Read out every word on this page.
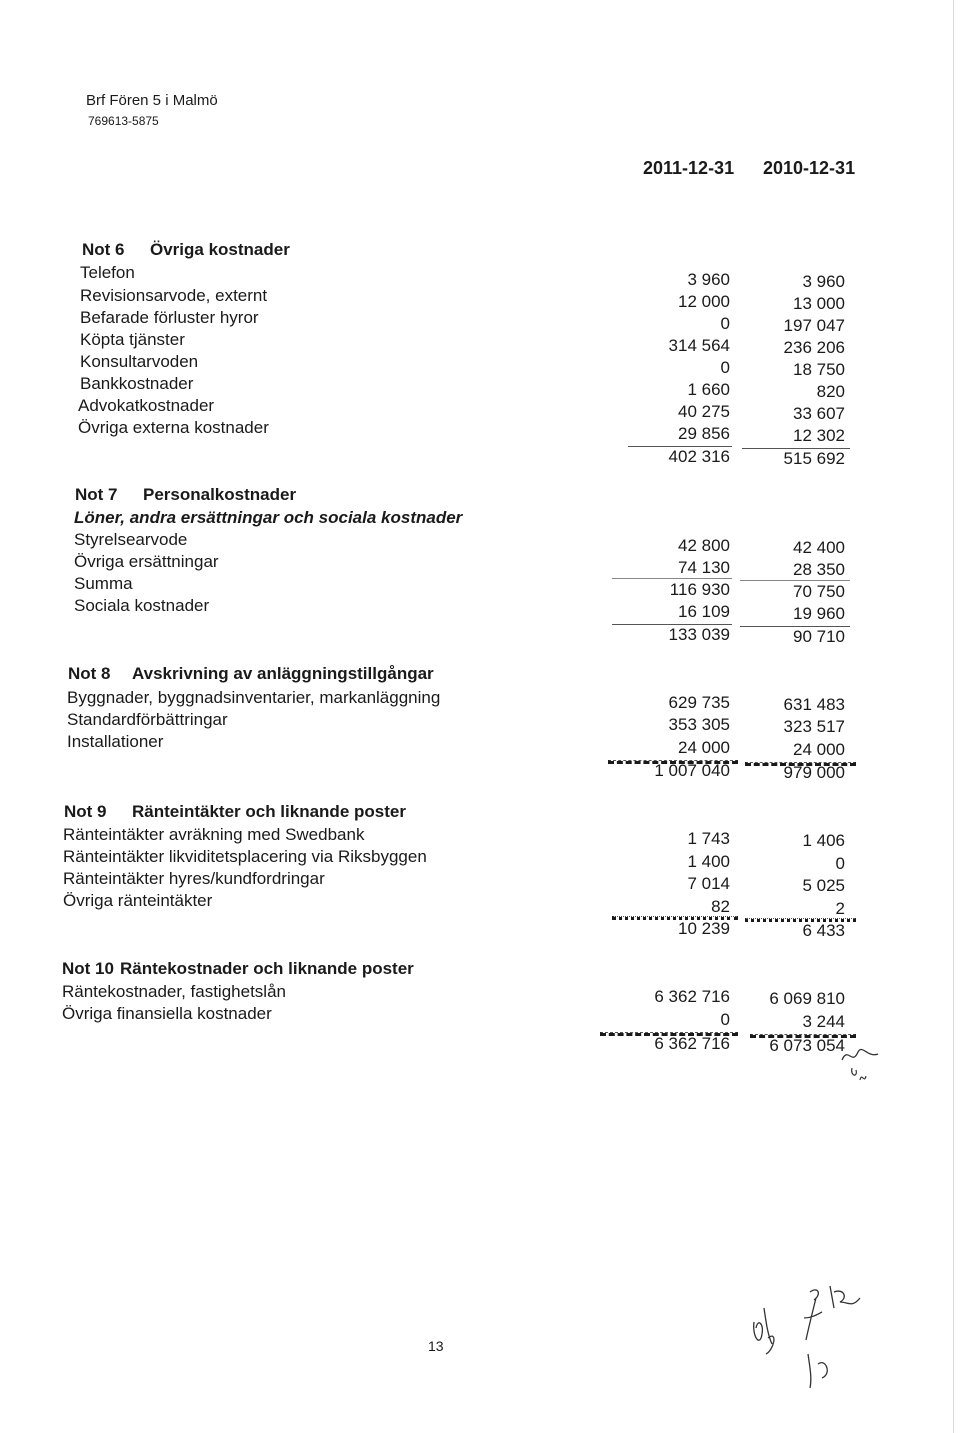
Brf Fören 5 i Malmö
769613-5875
2011-12-31 2010-12-31
Not 6 Övriga kostnader
Telefon
Revisionsarvode, externt
Befarade förluster hyror
Köpta tjänster
Konsultarvoden
Bankkostnader
Advokatkostnader
Övriga externa kostnader
3 960
12 000
0
314 564
0
1 660
40 275
29 856
402 316
3 960
13 000
197 047
236 206
18 750
820
33 607
12 302
515 692
Not 7 Personalkostnader
Löner, andra ersättningar och sociala kostnader
Styrelsearvode
Övriga ersättningar
Summa
Sociala kostnader
42 800
74 130
116 930
16 109
133 039
42 400
28 350
70 750
19 960
90 710
Not 8 Avskrivning av anläggningstillgångar
Byggnader, byggnadsinventarier, markanläggning
Standardförbättringar
Installationer
629 735
353 305
24 000
1 007 040
631 483
323 517
24 000
979 000
Not 9 Ränteintäkter och liknande poster
Ränteintäkter avräkning med Swedbank
Ränteintäkter likviditetsplacering via Riksbyggen
Ränteintäkter hyres/kundfordringar
Övriga ränteintäkter
1 743
1 400
7 014
82
10 239
1 406
0
5 025
2
6 433
Not 10 Räntekostnader och liknande poster
Räntekostnader, fastighetslån
Övriga finansiella kostnader
6 362 716
0
6 362 716
6 069 810
3 244
6 073 054
13
